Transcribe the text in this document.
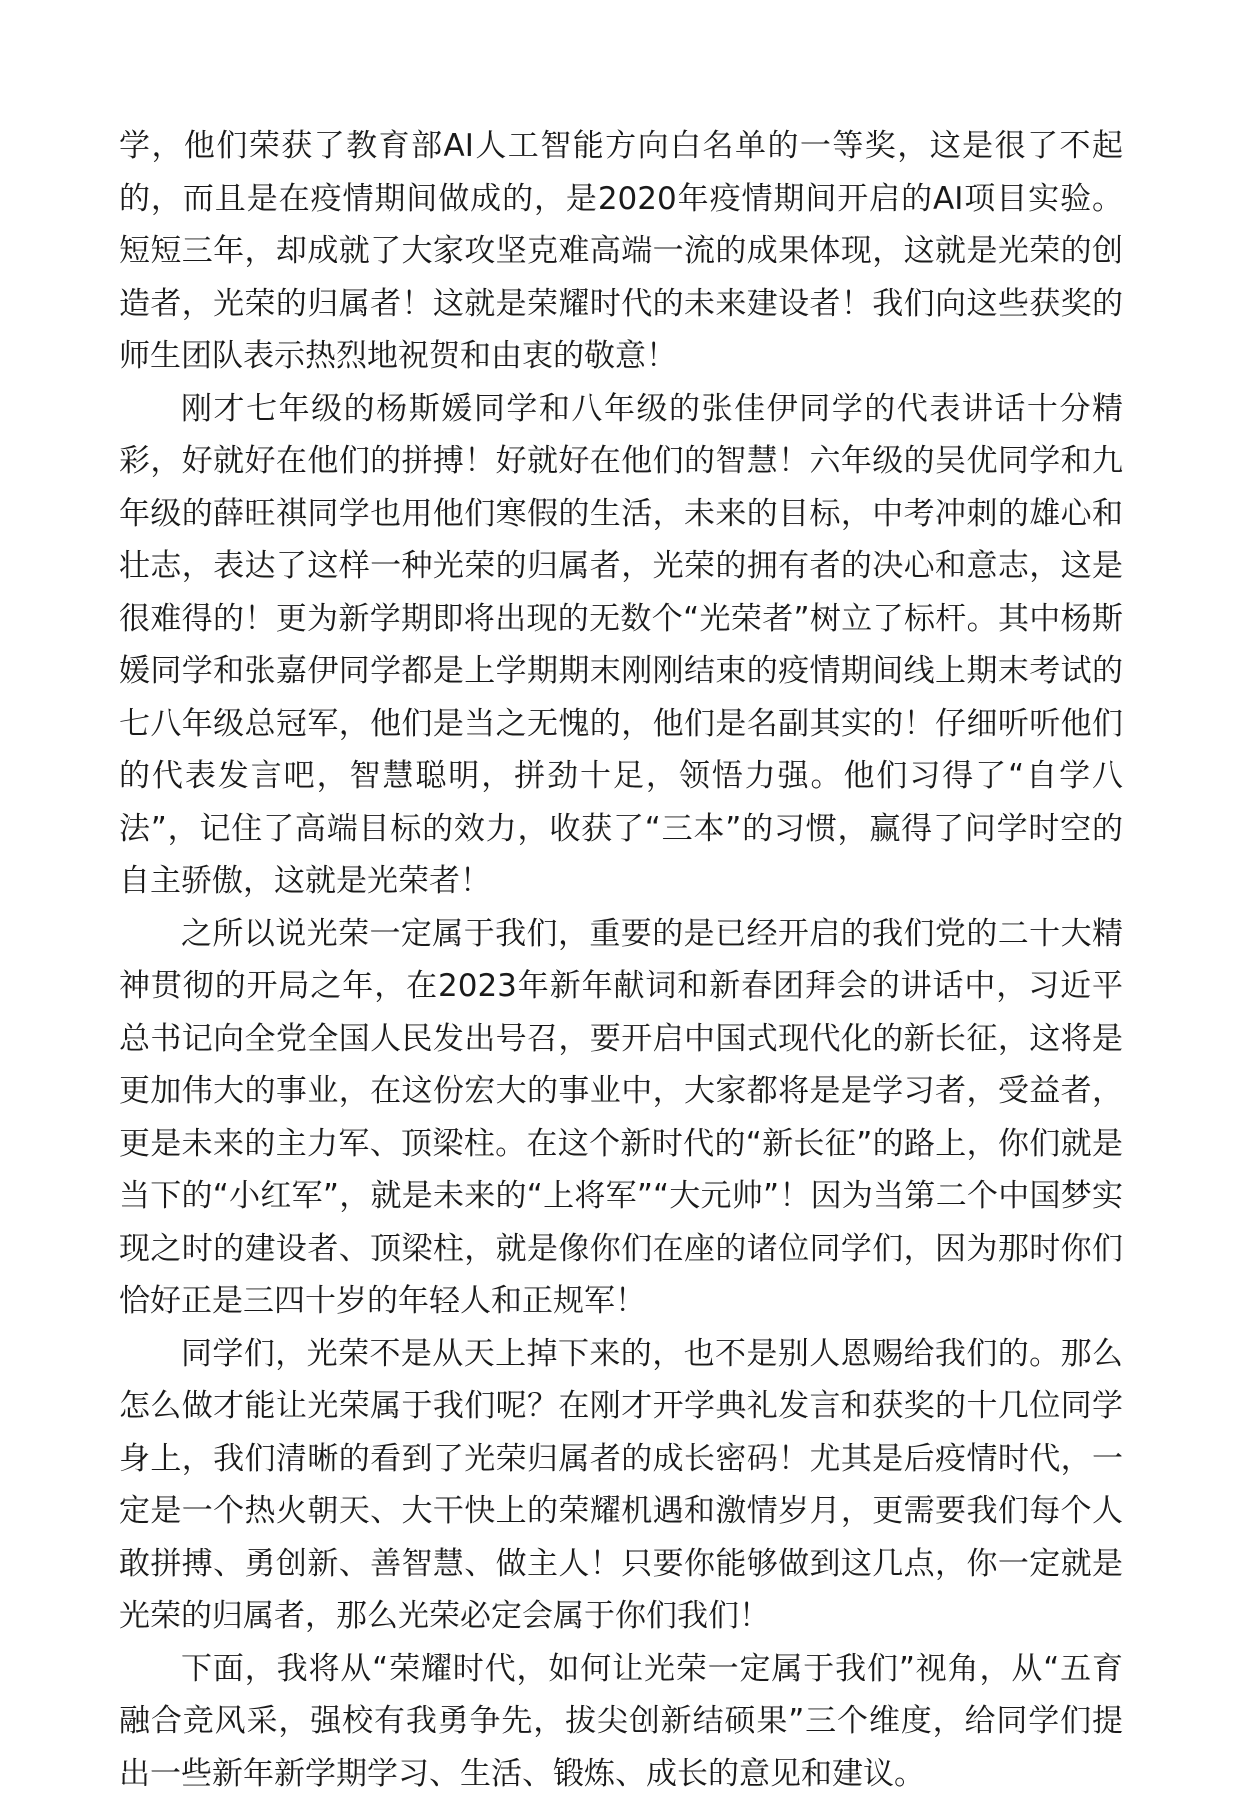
学，他们荣获了教育部AI人工智能方向白名单的一等奖，这是很了不起的，而且是在疫情期间做成的，是2020年疫情期间开启的AI项目实验。短短三年，却成就了大家攻坚克难高端一流的成果体现，这就是光荣的创造者，光荣的归属者！这就是荣耀时代的未来建设者！我们向这些获奖的师生团队表示热烈地祝贺和由衷的敬意！

刚才七年级的杨斯媛同学和八年级的张佳伊同学的代表讲话十分精彩，好就好在他们的拼搏！好就好在他们的智慧！六年级的吴优同学和九年级的薛旺祺同学也用他们寒假的生活，未来的目标，中考冲刺的雄心和壮志，表达了这样一种光荣的归属者，光荣的拥有者的决心和意志，这是很难得的！更为新学期即将出现的无数个“光荣者”树立了标杆。其中杨斯媛同学和张嘉伊同学都是上学期期末刚刚结束的疫情期间线上期末考试的七八年级总冠军，他们是当之无愧的，他们是名副其实的！仔细听听他们的代表发言吧，智慧聪明，拼劲十足，领悟力强。他们习得了“自学八法”，记住了高端目标的效力，收获了“三本”的习惯，赢得了问学时空的自主骄傲，这就是光荣者！

之所以说光荣一定属于我们，重要的是已经开启的我们党的二十大精神贯彻的开局之年，在2023年新年献词和新春团拜会的讲话中，习近平总书记向全党全国人民发出号召，要开启中国式现代化的新长征，这将是更加伟大的事业，在这份宏大的事业中，大家都将是是学习者，受益者，更是未来的主力军、顶梁柱。在这个新时代的“新长征”的路上，你们就是当下的“小红军”，就是未来的“上将军”“大元帅”！因为当第二个中国梦实现之时的建设者、顶梁柱，就是像你们在座的诸位同学们，因为那时你们恰好正是三四十岁的年轻人和正规军！

同学们，光荣不是从天上掉下来的，也不是别人恩赐给我们的。那么怎么做才能让光荣属于我们呢？在刚才开学典礼发言和获奖的十几位同学身上，我们清晰的看到了光荣归属者的成长密码！尤其是后疫情时代，一定是一个热火朝天、大干快上的荣耀机遇和激情岁月，更需要我们每个人敢拼搏、勇创新、善智慧、做主人！只要你能够做到这几点，你一定就是光荣的归属者，那么光荣必定会属于你们我们！

下面，我将从“荣耀时代，如何让光荣一定属于我们”视角，从“五育融合竞风采，强校有我勇争先，拔尖创新结硕果”三个维度，给同学们提出一些新年新学期学习、生活、锻炼、成长的意见和建议。
